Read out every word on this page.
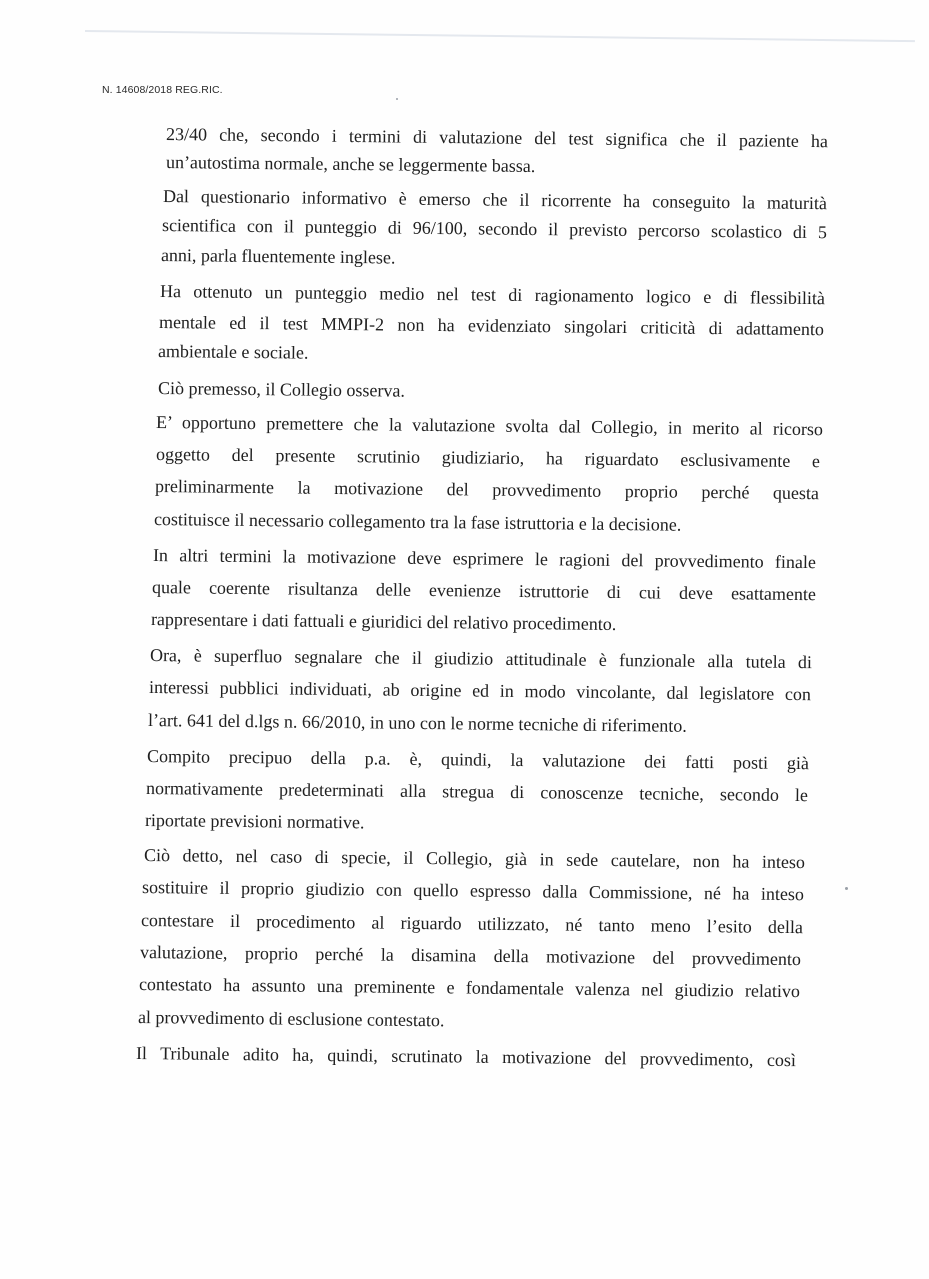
N. 14608/2018 REG.RIC.
23/40 che, secondo i termini di valutazione del test significa che il paziente ha
un’autostima normale, anche se leggermente bassa.
Dal questionario informativo è emerso che il ricorrente ha conseguito la maturità
scientifica con il punteggio di 96/100, secondo il previsto percorso scolastico di 5
anni, parla fluentemente inglese.
Ha ottenuto un punteggio medio nel test di ragionamento logico e di flessibilità
mentale ed il test MMPI-2 non ha evidenziato singolari criticità di adattamento
ambientale e sociale.
Ciò premesso, il Collegio osserva.
E’ opportuno premettere che la valutazione svolta dal Collegio, in merito al ricorso
oggetto del presente scrutinio giudiziario, ha riguardato esclusivamente e
preliminarmente la motivazione del provvedimento proprio perché questa
costituisce il necessario collegamento tra la fase istruttoria e la decisione.
In altri termini la motivazione deve esprimere le ragioni del provvedimento finale
quale coerente risultanza delle evenienze istruttorie di cui deve esattamente
rappresentare i dati fattuali e giuridici del relativo procedimento.
Ora, è superfluo segnalare che il giudizio attitudinale è funzionale alla tutela di
interessi pubblici individuati, ab origine ed in modo vincolante, dal legislatore con
l’art. 641 del d.lgs n. 66/2010, in uno con le norme tecniche di riferimento.
Compito precipuo della p.a. è, quindi, la valutazione dei fatti posti già
normativamente predeterminati alla stregua di conoscenze tecniche, secondo le
riportate previsioni normative.
Ciò detto, nel caso di specie, il Collegio, già in sede cautelare, non ha inteso
sostituire il proprio giudizio con quello espresso dalla Commissione, né ha inteso
contestare il procedimento al riguardo utilizzato, né tanto meno l’esito della
valutazione, proprio perché la disamina della motivazione del provvedimento
contestato ha assunto una preminente e fondamentale valenza nel giudizio relativo
al provvedimento di esclusione contestato.
Il Tribunale adito ha, quindi, scrutinato la motivazione del provvedimento, così
